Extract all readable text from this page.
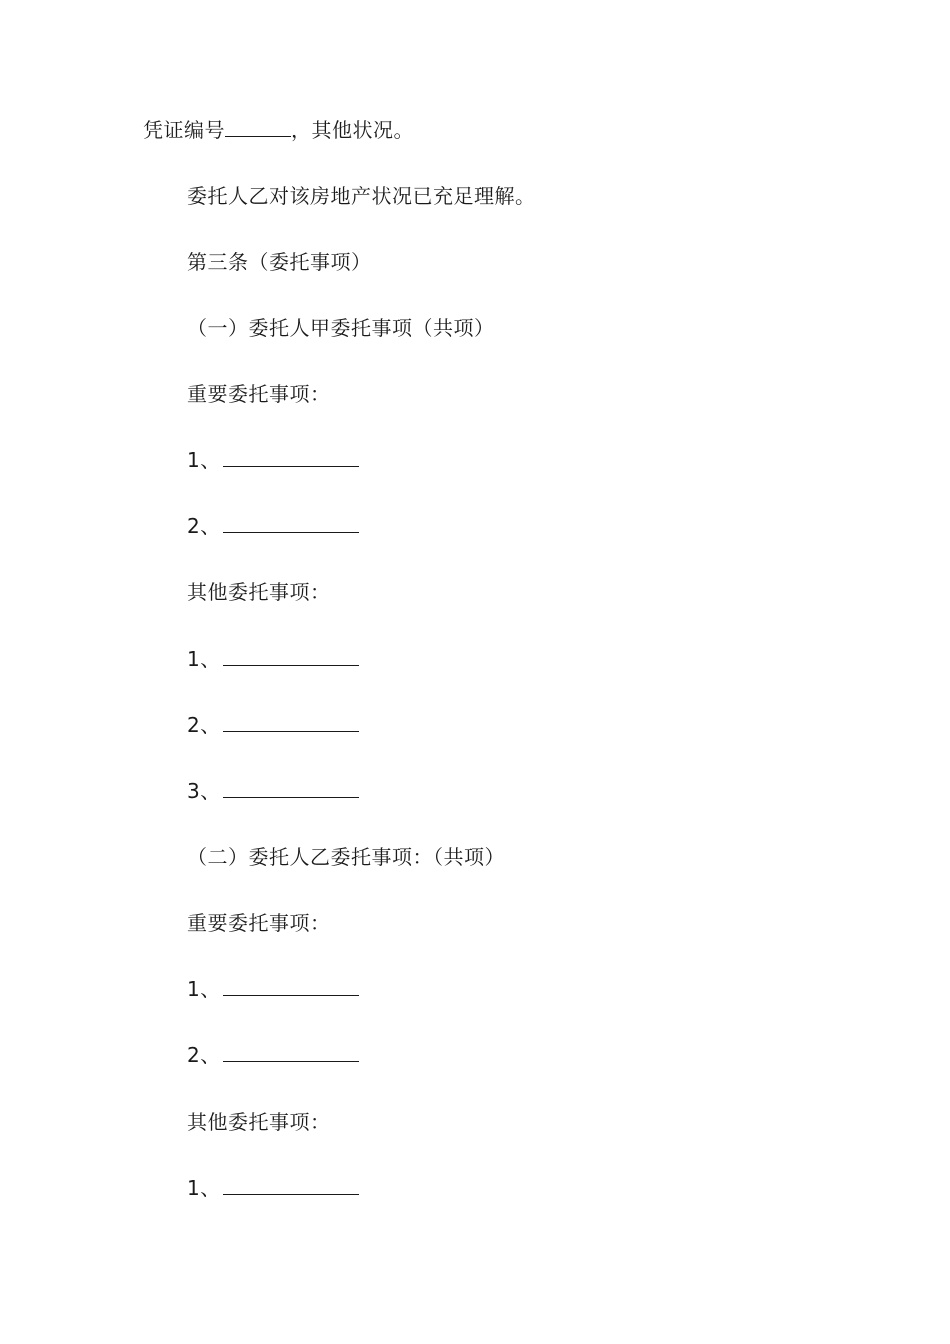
凭证编号	，其他状况。
委托人乙对该房地产状况已充足理解。
第三条（委托事项）
（一）委托人甲委托事项（共项）
重要委托事项：
1、
2、
其他委托事项：
1、
2、
3、
（二）委托人乙委托事项：（共项）
重要委托事项：
1、
2、
其他委托事项：
1、
